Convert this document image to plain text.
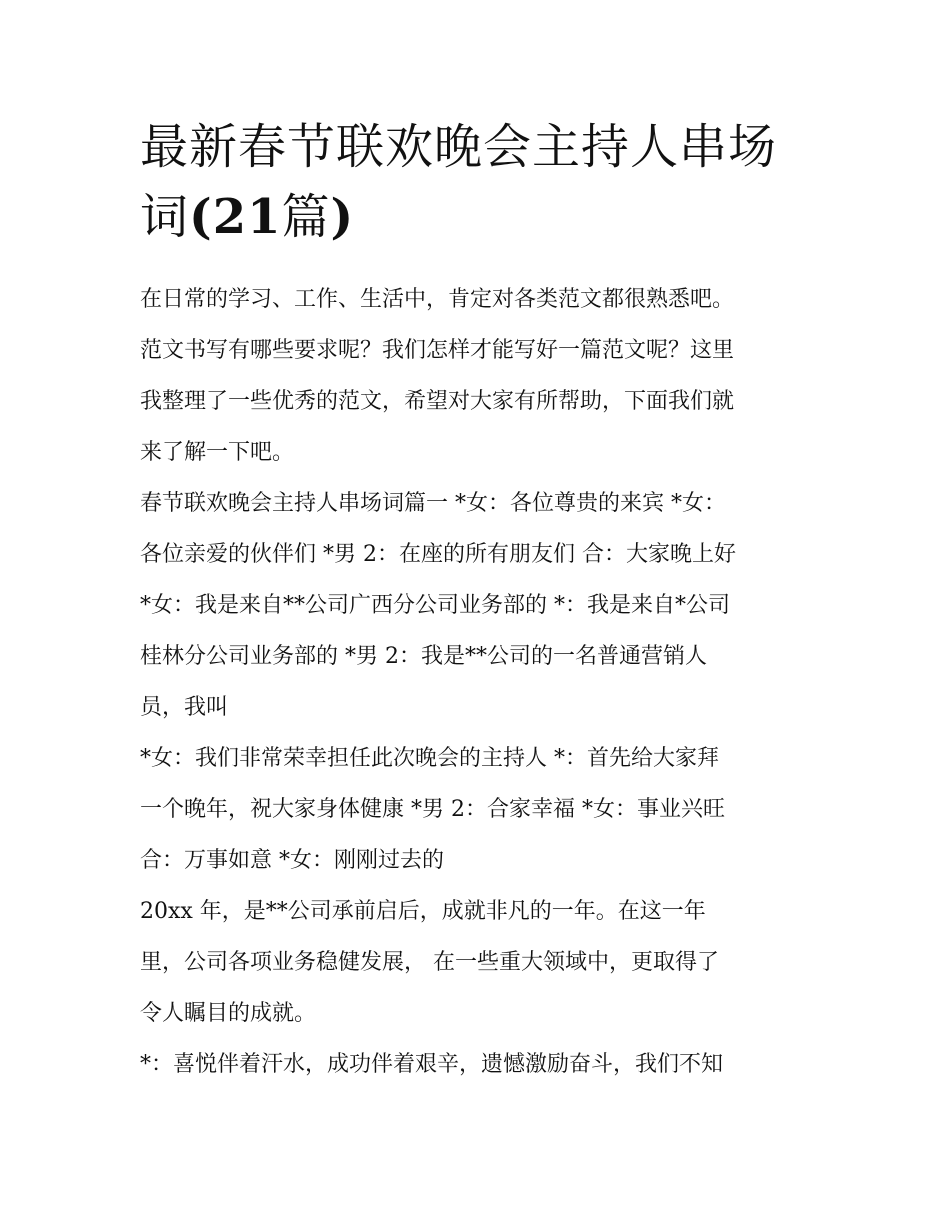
最新春节联欢晚会主持人串场
词(21篇)
在日常的学习、工作、生活中，肯定对各类范文都很熟悉吧。
范文书写有哪些要求呢？我们怎样才能写好一篇范文呢？这里
我整理了一些优秀的范文，希望对大家有所帮助，下面我们就
来了解一下吧。
春节联欢晚会主持人串场词篇一 *女：各位尊贵的来宾 *女：
各位亲爱的伙伴们 *男 2：在座的所有朋友们 合：大家晚上好
*女：我是来自**公司广西分公司业务部的 *：我是来自*公司
桂林分公司业务部的 *男 2：我是**公司的一名普通营销人
员，我叫
*女：我们非常荣幸担任此次晚会的主持人 *：首先给大家拜
一个晚年，祝大家身体健康 *男 2：合家幸福 *女：事业兴旺
合：万事如意 *女：刚刚过去的
20xx 年，是**公司承前启后，成就非凡的一年。在这一年
里，公司各项业务稳健发展， 在一些重大领域中，更取得了
令人瞩目的成就。
*：喜悦伴着汗水，成功伴着艰辛，遗憾激励奋斗，我们不知
